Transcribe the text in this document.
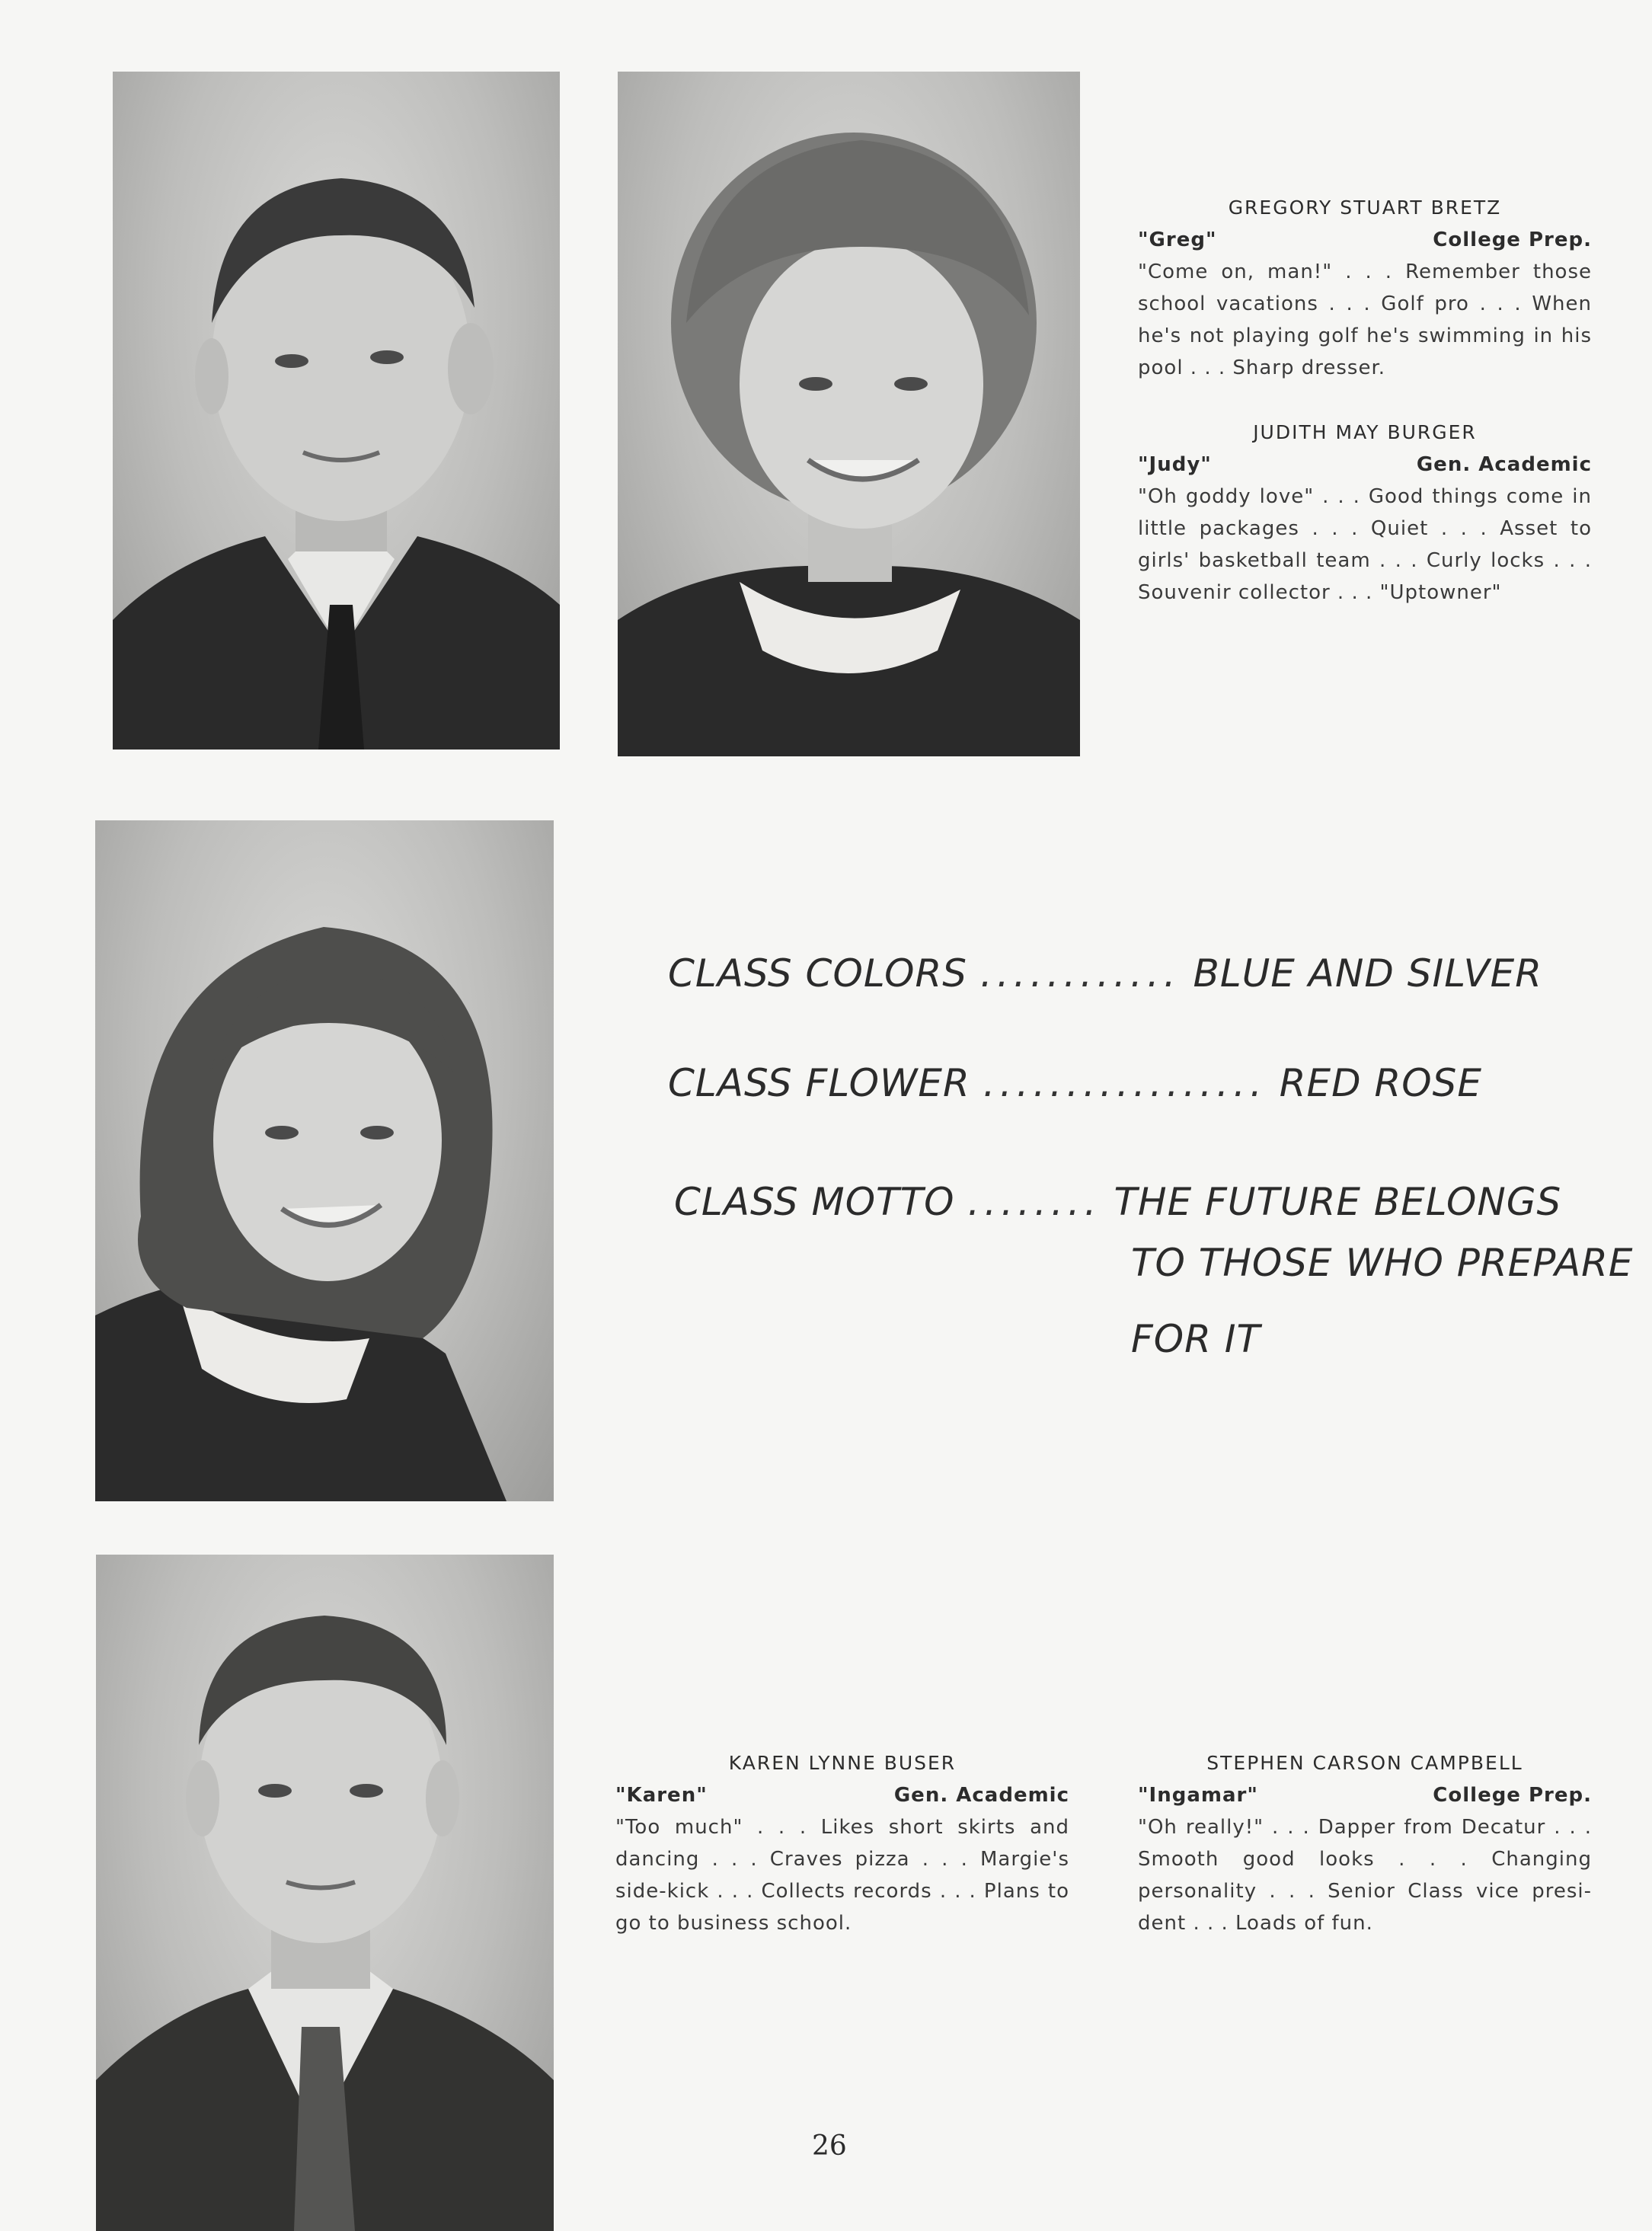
GREGORY STUART BRETZ
"Greg"	College Prep.
"Come on, man!" . . . Remember those school vacations . . . Golf pro . . . When he's not playing golf he's swimming in his pool . . . Sharp dresser.
JUDITH MAY BURGER
"Judy"	Gen. Academic
"Oh goddy love" . . . Good things come in little packages . . . Quiet . . . Asset to girls' basketball team . . . Curly locks . . . Souvenir collector . . . "Uptowner"
KAREN LYNNE BUSER
"Karen"	Gen. Academic
"Too much" . . . Likes short skirts and dancing . . . Craves pizza . . . Margie's side-kick . . . Collects records . . . Plans to go to business school.
STEPHEN CARSON CAMPBELL
"Ingamar"	College Prep.
"Oh really!" . . . Dapper from Decatur . . . Smooth good looks . . . Changing personality . . . Senior Class vice presi- dent . . . Loads of fun.
CLASS COLORS ............ BLUE AND SILVER
CLASS FLOWER ................. RED ROSE
CLASS MOTTO ........ THE FUTURE BELONGS
TO THOSE WHO PREPARE
FOR IT
26
